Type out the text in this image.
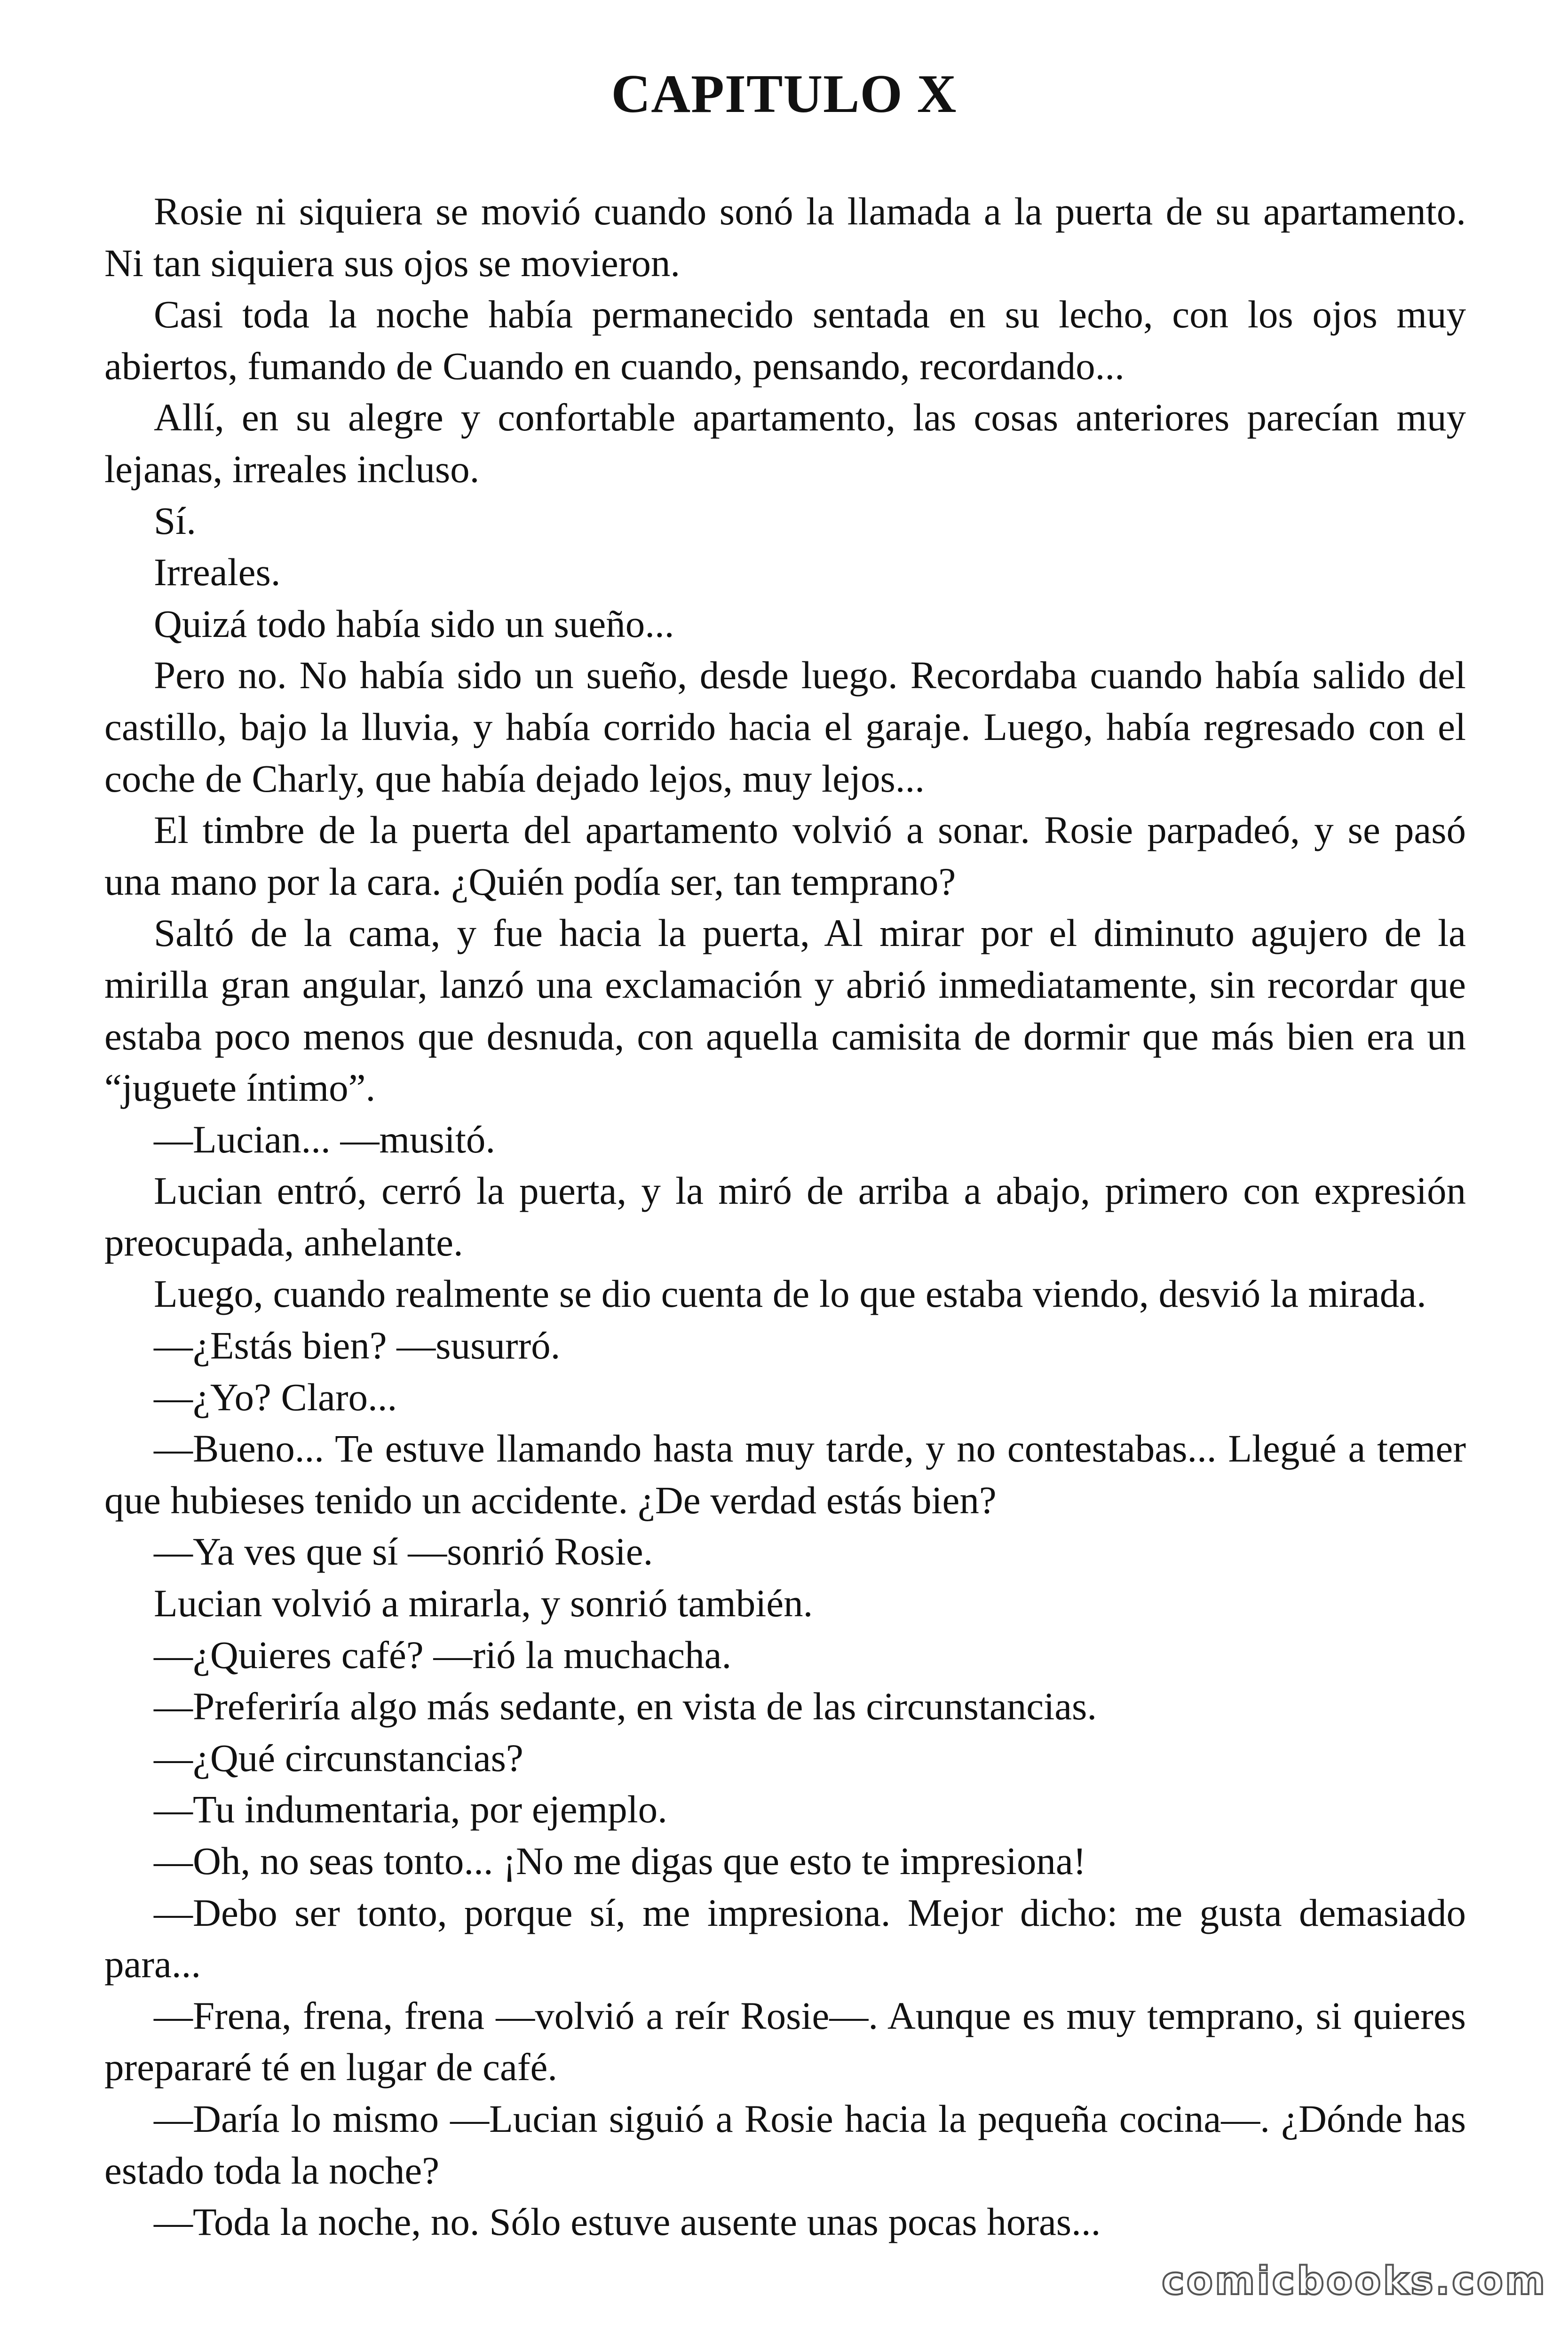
CAPITULO X

Rosie ni siquiera se movió cuando sonó la llamada a la puerta de su apartamento. Ni tan siquiera sus ojos se movieron.

Casi toda la noche había permanecido sentada en su lecho, con los ojos muy abiertos, fumando de Cuando en cuando, pensando, recordando...

Allí, en su alegre y confortable apartamento, las cosas anteriores parecían muy lejanas, irreales incluso.

Sí.

Irreales.

Quizá todo había sido un sueño...

Pero no. No había sido un sueño, desde luego. Recordaba cuando había salido del castillo, bajo la lluvia, y había corrido hacia el garaje. Luego, había regresado con el coche de Charly, que había dejado lejos, muy lejos...

El timbre de la puerta del apartamento volvió a sonar. Rosie parpadeó, y se pasó una mano por la cara. ¿Quién podía ser, tan temprano?

Saltó de la cama, y fue hacia la puerta, Al mirar por el diminuto agujero de la mirilla gran angular, lanzó una exclamación y abrió inmediatamente, sin recordar que estaba poco menos que desnuda, con aquella camisita de dormir que más bien era un “juguete íntimo”.

—Lucian... —musitó.

Lucian entró, cerró la puerta, y la miró de arriba a abajo, primero con expresión preocupada, anhelante.

Luego, cuando realmente se dio cuenta de lo que estaba viendo, desvió la mirada.

—¿Estás bien? —susurró.

—¿Yo? Claro...

—Bueno... Te estuve llamando hasta muy tarde, y no contestabas... Llegué a temer que hubieses tenido un accidente. ¿De verdad estás bien?

—Ya ves que sí —sonrió Rosie.

Lucian volvió a mirarla, y sonrió también.

—¿Quieres café? —rió la muchacha.

—Preferiría algo más sedante, en vista de las circunstancias.

—¿Qué circunstancias?

—Tu indumentaria, por ejemplo.

—Oh, no seas tonto... ¡No me digas que esto te impresiona!

—Debo ser tonto, porque sí, me impresiona. Mejor dicho: me gusta demasiado para...

—Frena, frena, frena —volvió a reír Rosie—. Aunque es muy temprano, si quieres prepararé té en lugar de café.

—Daría lo mismo —Lucian siguió a Rosie hacia la pequeña cocina—. ¿Dónde has estado toda la noche?

—Toda la noche, no. Sólo estuve ausente unas pocas horas...

comicbooks.com
